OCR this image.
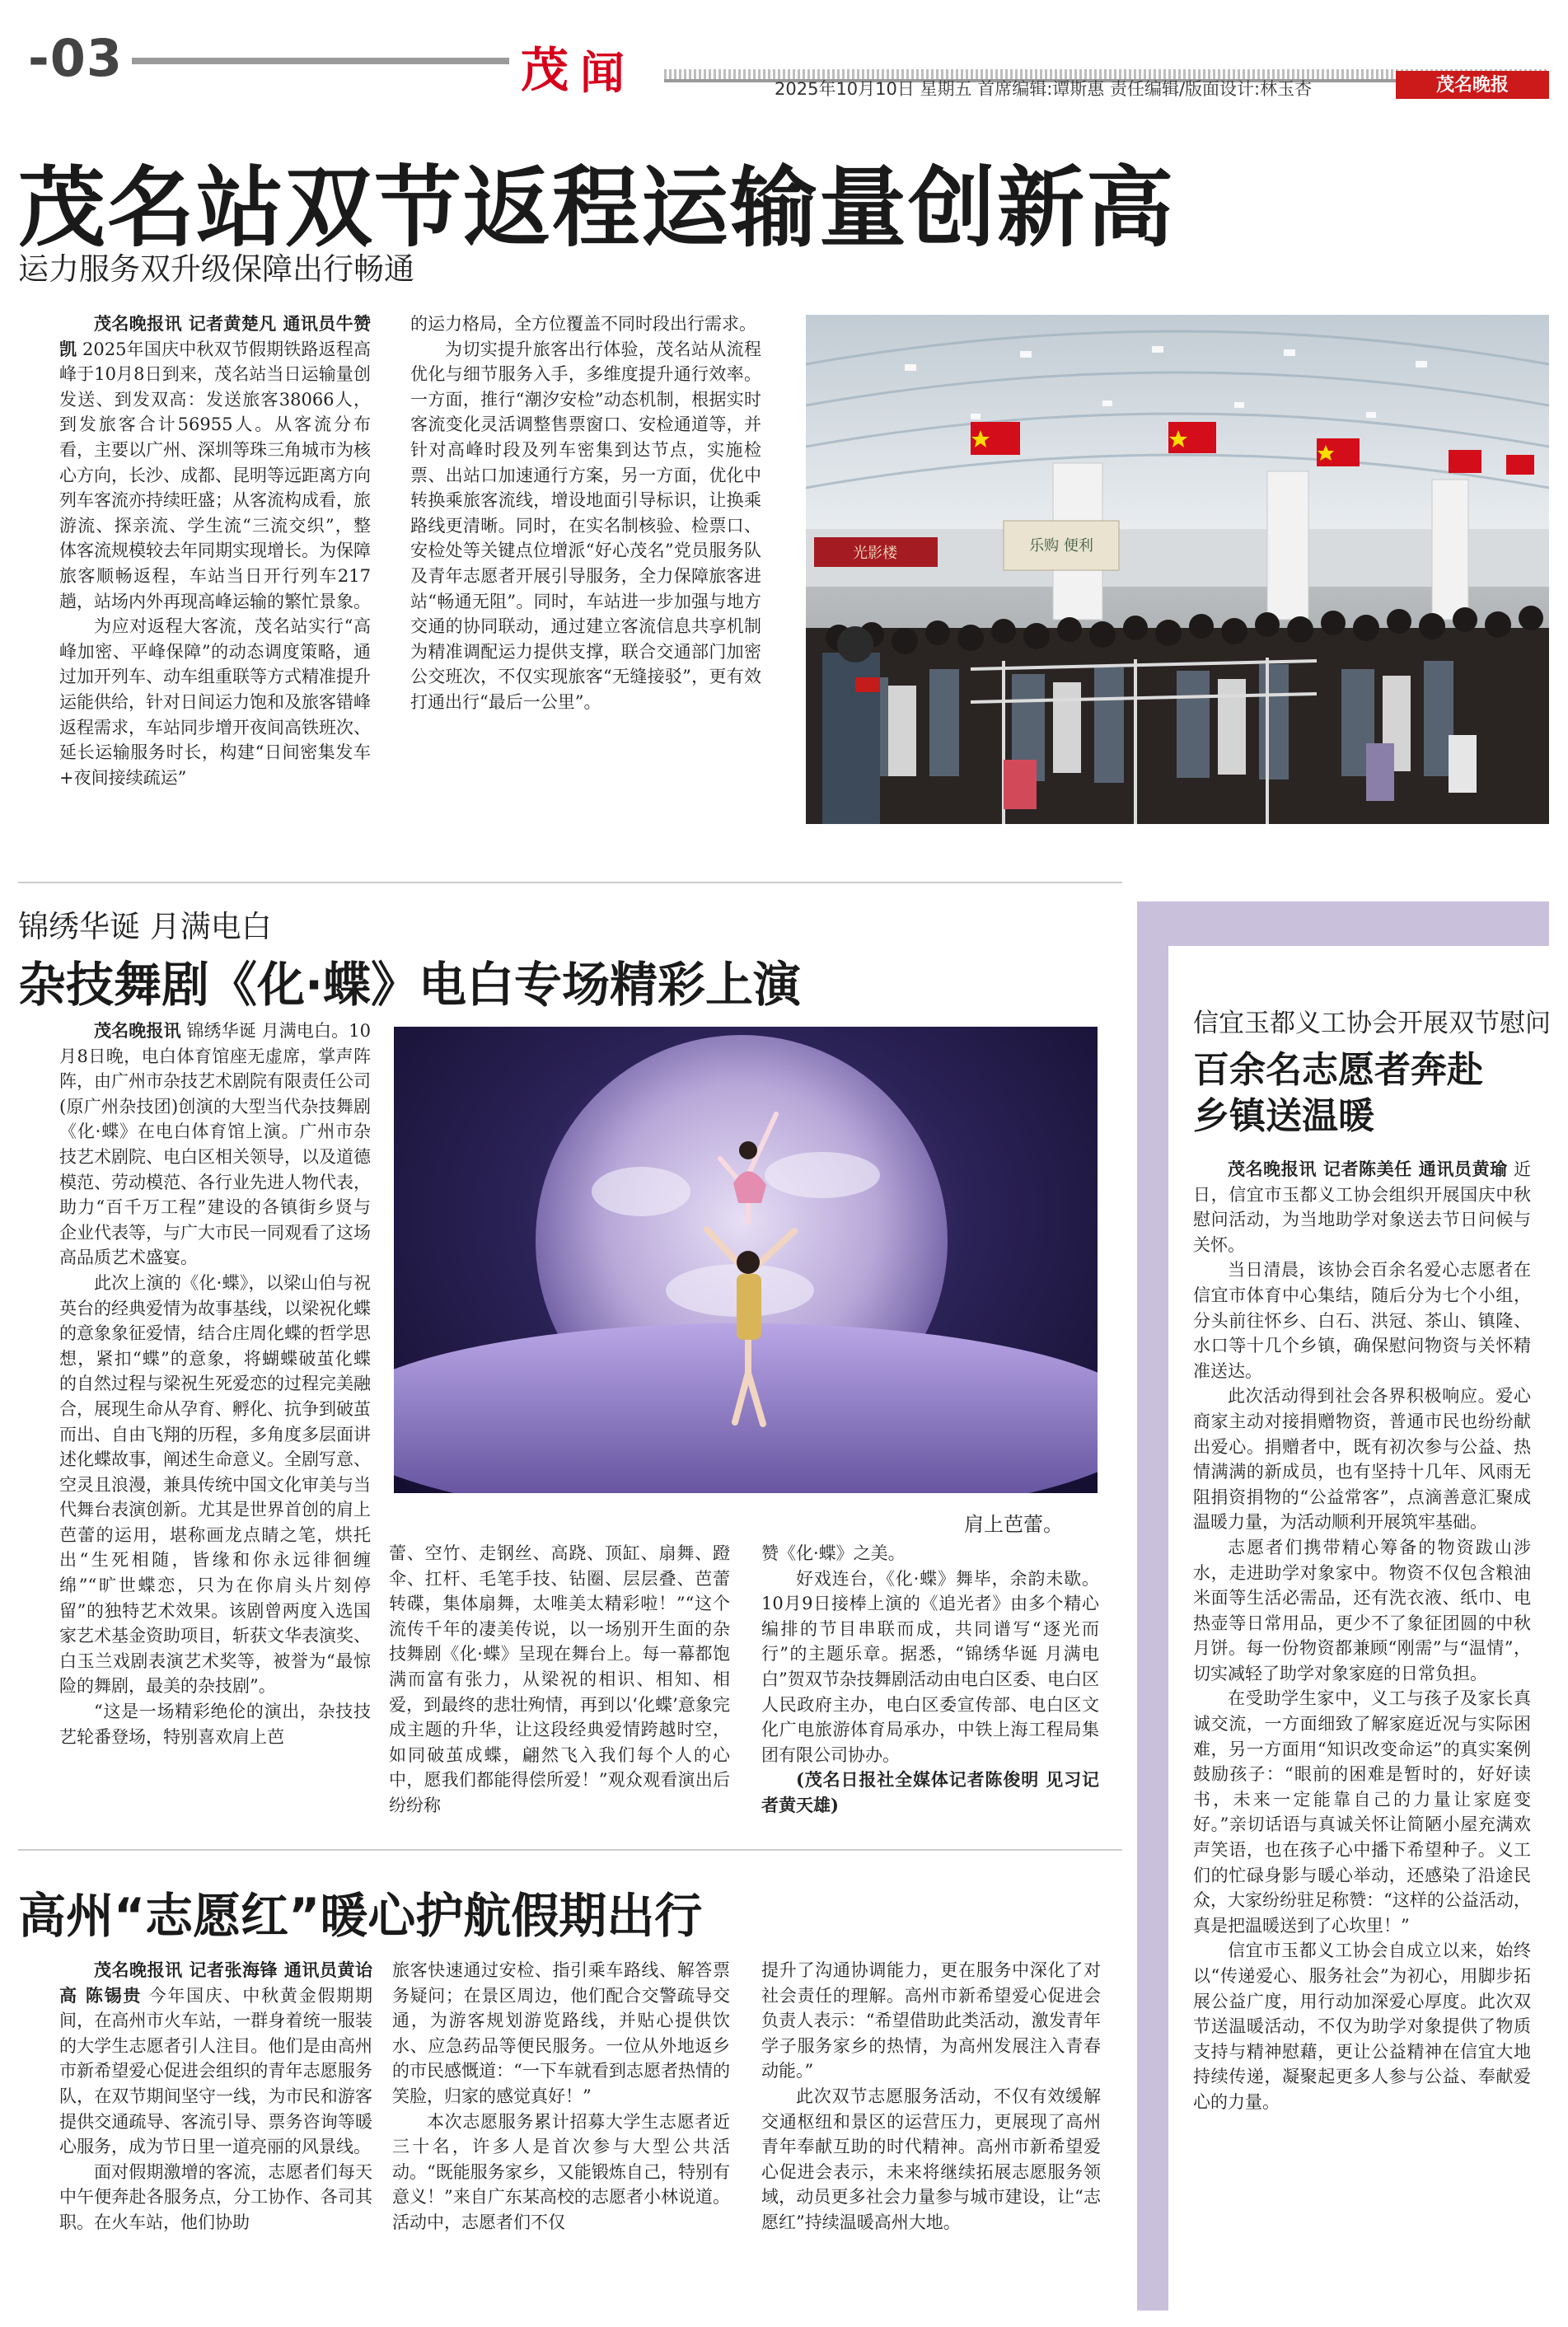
-03	茂 闻	2025年10月10日 星期五 首席编辑:谭斯惠 责任编辑/版面设计:林玉杏	茂名晚报
茂名站双节返程运输量创新高
运力服务双升级保障出行畅通

茂名晚报讯 记者黄楚凡 通讯员牛赞凯 2025年国庆中秋双节假期铁路返程高峰于10月8日到来，茂名站当日运输量创发送、到发双高：发送旅客38066人，到发旅客合计56955人。从客流分布看，主要以广州、深圳等珠三角城市为核心方向，长沙、成都、昆明等远距离方向列车客流亦持续旺盛；从客流构成看，旅游流、探亲流、学生流“三流交织”，整体客流规模较去年同期实现增长。为保障旅客顺畅返程，车站当日开行列车217趟，站场内外再现高峰运输的繁忙景象。

为应对返程大客流，茂名站实行“高峰加密、平峰保障”的动态调度策略，通过加开列车、动车组重联等方式精准提升运能供给，针对日间运力饱和及旅客错峰返程需求，车站同步增开夜间高铁班次、延长运输服务时长，构建“日间密集发车+夜间接续疏运”

的运力格局，全方位覆盖不同时段出行需求。

为切实提升旅客出行体验，茂名站从流程优化与细节服务入手，多维度提升通行效率。一方面，推行“潮汐安检”动态机制，根据实时客流变化灵活调整售票窗口、安检通道等，并针对高峰时段及列车密集到达节点，实施检票、出站口加速通行方案，另一方面，优化中转换乘旅客流线，增设地面引导标识，让换乘路线更清晰。同时，在实名制核验、检票口、安检处等关键点位增派“好心茂名”党员服务队及青年志愿者开展引导服务，全力保障旅客进站“畅通无阻”。同时，车站进一步加强与地方交通的协同联动，通过建立客流信息共享机制为精准调配运力提供支撑，联合交通部门加密公交班次，不仅实现旅客“无缝接驳”，更有效打通出行“最后一公里”。

光影楼	乐购 便利
锦绣华诞 月满电白
杂技舞剧《化·蝶》电白专场精彩上演

茂名晚报讯 锦绣华诞 月满电白。10月8日晚，电白体育馆座无虚席，掌声阵阵，由广州市杂技艺术剧院有限责任公司(原广州杂技团)创演的大型当代杂技舞剧《化·蝶》在电白体育馆上演。广州市杂技艺术剧院、电白区相关领导，以及道德模范、劳动模范、各行业先进人物代表，助力“百千万工程”建设的各镇街乡贤与企业代表等，与广大市民一同观看了这场高品质艺术盛宴。

此次上演的《化·蝶》，以梁山伯与祝英台的经典爱情为故事基线，以梁祝化蝶的意象象征爱情，结合庄周化蝶的哲学思想，紧扣“蝶”的意象，将蝴蝶破茧化蝶的自然过程与梁祝生死爱恋的过程完美融合，展现生命从孕育、孵化、抗争到破茧而出、自由飞翔的历程，多角度多层面讲述化蝶故事，阐述生命意义。全剧写意、空灵且浪漫，兼具传统中国文化审美与当代舞台表演创新。尤其是世界首创的肩上芭蕾的运用，堪称画龙点睛之笔，烘托出“生死相随，皆缘和你永远徘徊缠绵”“旷世蝶恋，只为在你肩头片刻停留”的独特艺术效果。该剧曾两度入选国家艺术基金资助项目，斩获文华表演奖、白玉兰戏剧表演艺术奖等，被誉为“最惊险的舞剧，最美的杂技剧”。

“这是一场精彩绝伦的演出，杂技技艺轮番登场，特别喜欢肩上芭

肩上芭蕾。

蕾、空竹、走钢丝、高跷、顶缸、扇舞、蹬伞、扛杆、毛笔手技、钻圈、层层叠、芭蕾转碟，集体扇舞，太唯美太精彩啦！”“这个流传千年的凄美传说，以一场别开生面的杂技舞剧《化·蝶》呈现在舞台上。每一幕都饱满而富有张力，从梁祝的相识、相知、相爱，到最终的悲壮殉情，再到以‘化蝶’意象完成主题的升华，让这段经典爱情跨越时空，如同破茧成蝶，翩然飞入我们每个人的心中，愿我们都能得偿所爱！”观众观看演出后纷纷称

赞《化·蝶》之美。

好戏连台，《化·蝶》舞毕，余韵未歇。10月9日接棒上演的《追光者》由多个精心编排的节目串联而成，共同谱写“逐光而行”的主题乐章。据悉，“锦绣华诞 月满电白”贺双节杂技舞剧活动由电白区委、电白区人民政府主办，电白区委宣传部、电白区文化广电旅游体育局承办，中铁上海工程局集团有限公司协办。

(茂名日报社全媒体记者陈俊明 见习记者黄天雄)

信宜玉都义工协会开展双节慰问
百余名志愿者奔赴
乡镇送温暖

茂名晚报讯 记者陈美任 通讯员黄瑜 近日，信宜市玉都义工协会组织开展国庆中秋慰问活动，为当地助学对象送去节日问候与关怀。

当日清晨，该协会百余名爱心志愿者在信宜市体育中心集结，随后分为七个小组，分头前往怀乡、白石、洪冠、茶山、镇隆、水口等十几个乡镇，确保慰问物资与关怀精准送达。

此次活动得到社会各界积极响应。爱心商家主动对接捐赠物资，普通市民也纷纷献出爱心。捐赠者中，既有初次参与公益、热情满满的新成员，也有坚持十几年、风雨无阻捐资捐物的“公益常客”，点滴善意汇聚成温暖力量，为活动顺利开展筑牢基础。

志愿者们携带精心筹备的物资跋山涉水，走进助学对象家中。物资不仅包含粮油米面等生活必需品，还有洗衣液、纸巾、电热壶等日常用品，更少不了象征团圆的中秋月饼。每一份物资都兼顾“刚需”与“温情”，切实减轻了助学对象家庭的日常负担。

在受助学生家中，义工与孩子及家长真诚交流，一方面细致了解家庭近况与实际困难，另一方面用“知识改变命运”的真实案例鼓励孩子：“眼前的困难是暂时的，好好读书，未来一定能靠自己的力量让家庭变好。”亲切话语与真诚关怀让简陋小屋充满欢声笑语，也在孩子心中播下希望种子。义工们的忙碌身影与暖心举动，还感染了沿途民众，大家纷纷驻足称赞：“这样的公益活动，真是把温暖送到了心坎里！”

信宜市玉都义工协会自成立以来，始终以“传递爱心、服务社会”为初心，用脚步拓展公益广度，用行动加深爱心厚度。此次双节送温暖活动，不仅为助学对象提供了物质支持与精神慰藉，更让公益精神在信宜大地持续传递，凝聚起更多人参与公益、奉献爱心的力量。

高州“志愿红”暖心护航假期出行

茂名晚报讯 记者张海锋 通讯员黄诒高 陈锡贵 今年国庆、中秋黄金假期期间，在高州市火车站，一群身着统一服装的大学生志愿者引人注目。他们是由高州市新希望爱心促进会组织的青年志愿服务队，在双节期间坚守一线，为市民和游客提供交通疏导、客流引导、票务咨询等暖心服务，成为节日里一道亮丽的风景线。

面对假期激增的客流，志愿者们每天中午便奔赴各服务点，分工协作、各司其职。在火车站，他们协助

旅客快速通过安检、指引乘车路线、解答票务疑问；在景区周边，他们配合交警疏导交通，为游客规划游览路线，并贴心提供饮水、应急药品等便民服务。一位从外地返乡的市民感慨道：“一下车就看到志愿者热情的笑脸，归家的感觉真好！”

本次志愿服务累计招募大学生志愿者近三十名，许多人是首次参与大型公共活动。“既能服务家乡，又能锻炼自己，特别有意义！”来自广东某高校的志愿者小林说道。活动中，志愿者们不仅

提升了沟通协调能力，更在服务中深化了对社会责任的理解。高州市新希望爱心促进会负责人表示：“希望借助此类活动，激发青年学子服务家乡的热情，为高州发展注入青春动能。”

此次双节志愿服务活动，不仅有效缓解交通枢纽和景区的运营压力，更展现了高州青年奉献互助的时代精神。高州市新希望爱心促进会表示，未来将继续拓展志愿服务领域，动员更多社会力量参与城市建设，让“志愿红”持续温暖高州大地。
